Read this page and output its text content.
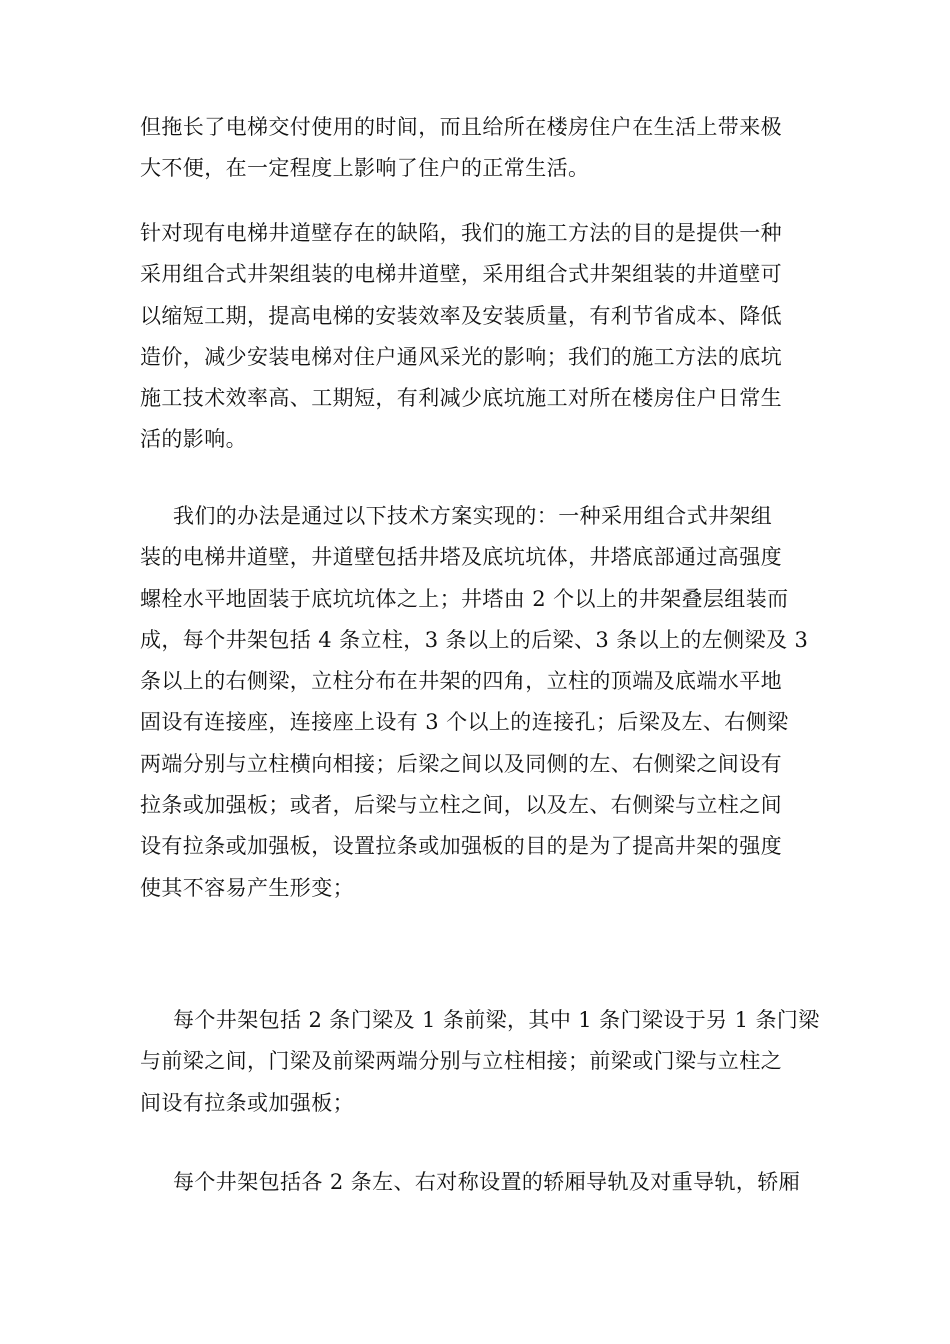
但拖长了电梯交付使用的时间，而且给所在楼房住户在生活上带来极
大不便，在一定程度上影响了住户的正常生活。
针对现有电梯井道壁存在的缺陷，我们的施工方法的目的是提供一种
采用组合式井架组装的电梯井道壁，采用组合式井架组装的井道壁可
以缩短工期，提高电梯的安装效率及安装质量，有利节省成本、降低
造价，减少安装电梯对住户通风采光的影响；我们的施工方法的底坑
施工技术效率高、工期短，有利减少底坑施工对所在楼房住户日常生
活的影响。
我们的办法是通过以下技术方案实现的：一种采用组合式井架组
装的电梯井道壁，井道壁包括井塔及底坑坑体，井塔底部通过高强度
螺栓水平地固装于底坑坑体之上；井塔由 2 个以上的井架叠层组装而
成，每个井架包括 4 条立柱，3 条以上的后梁、3 条以上的左侧梁及 3
条以上的右侧梁，立柱分布在井架的四角，立柱的顶端及底端水平地
固设有连接座，连接座上设有 3 个以上的连接孔；后梁及左、右侧梁
两端分别与立柱横向相接；后梁之间以及同侧的左、右侧梁之间设有
拉条或加强板；或者，后梁与立柱之间，以及左、右侧梁与立柱之间
设有拉条或加强板，设置拉条或加强板的目的是为了提高井架的强度
使其不容易产生形变；
每个井架包括 2 条门梁及 1 条前梁，其中 1 条门梁设于另 1 条门梁
与前梁之间，门梁及前梁两端分别与立柱相接；前梁或门梁与立柱之
间设有拉条或加强板；
每个井架包括各 2 条左、右对称设置的轿厢导轨及对重导轨，轿厢
